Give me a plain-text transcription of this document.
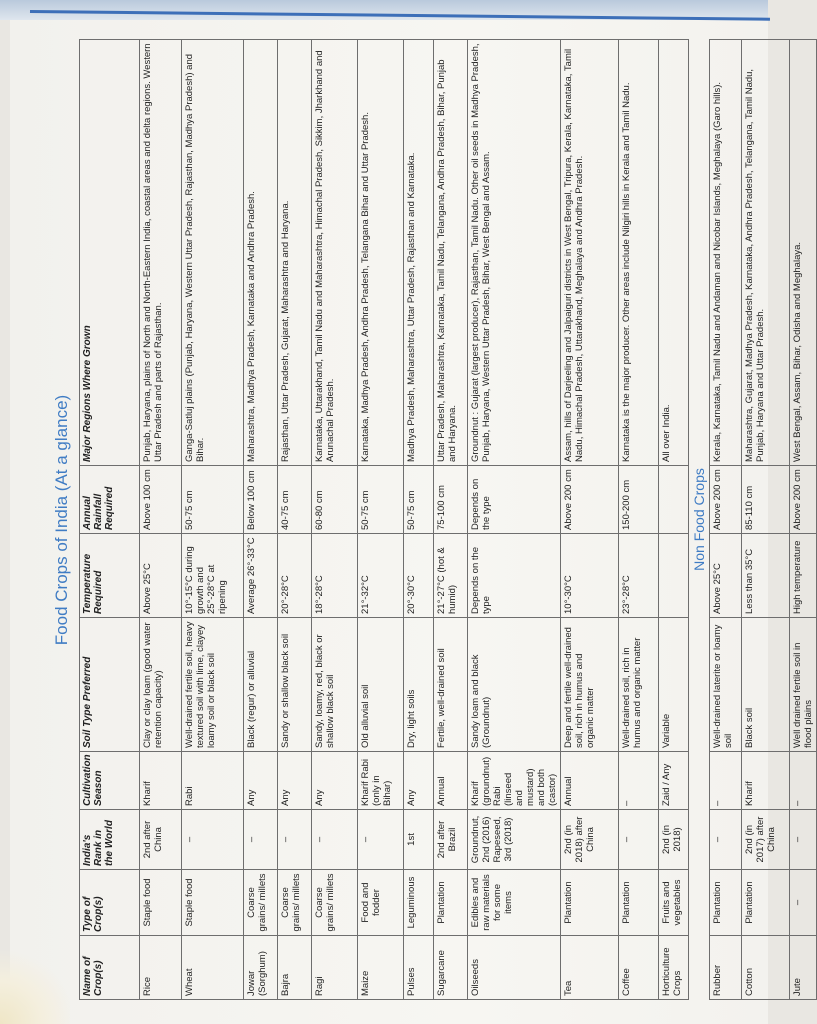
Food Crops of India (At a glance)
Name of Crop(s)	Type of Crop(s)	India's Rank in the World	Cultivation Season	Soil Type Preferred	Temperature Required	Annual Rainfall Required	Major Regions Where Grown
Rice	Staple food	2nd after China	Kharif	Clay or clay loam (good water retention capacity)	Above 25°C	Above 100 cm	Punjab, Haryana, plains of North and North-Eastern India, coastal areas and delta regions. Western Uttar Pradesh and parts of Rajasthan.
Wheat	Staple food	–	Rabi	Well-drained fertile soil, heavy textured soil with lime, clayey loamy soil or black soil	10°-15°C during growth and 25°-28°C at ripening	50-75 cm	Ganga-Satluj plains (Punjab, Haryana, Western Uttar Pradesh, Rajasthan, Madhya Pradesh) and Bihar.
Jowar (Sorghum)	Coarse grains/ millets	–	Any	Black (regur) or alluvial	Average 26°-33°C	Below 100 cm	Maharashtra, Madhya Pradesh, Karnataka and Andhra Pradesh.
Bajra	Coarse grains/ millets	–	Any	Sandy or shallow black soil	20°-28°C	40-75 cm	Rajasthan, Uttar Pradesh, Gujarat, Maharashtra and Haryana.
Ragi	Coarse grains/ millets	–	Any	Sandy, loamy, red, black or shallow black soil	18°-28°C	60-80 cm	Karnataka, Uttarakhand, Tamil Nadu and Maharashtra, Himachal Pradesh, Sikkim, Jharkhand and Arunachal Pradesh.
Maize	Food and fodder	–	Kharif Rabi (only in Bihar)	Old alluvial soil	21°-32°C	50-75 cm	Karnataka, Madhya Pradesh, Andhra Pradesh, Telangana Bihar and Uttar Pradesh.
Pulses	Leguminous	1st	Any	Dry, light soils	20°-30°C	50-75 cm	Madhya Pradesh, Maharashtra, Uttar Pradesh, Rajasthan and Karnataka.
Sugarcane	Plantation	2nd after Brazil	Annual	Fertile, well-drained soil	21°-27°C (hot & humid)	75-100 cm	Uttar Pradesh, Maharashtra, Karnataka, Tamil Nadu, Telangana, Andhra Pradesh, Bihar, Punjab and Haryana.
Oilseeds	Edibles and raw materials for some items	Groundnut, 2nd (2016) Rapeseed, 3rd (2018)	Kharif (groundnut) Rabi (linseed and mustard) and both (castor)	Sandy loam and black (Groundnut)	Depends on the type	Depends on the type	Groundnut : Gujarat (largest producer), Rajasthan, Tamil Nadu. Other oil seeds in Madhya Pradesh, Punjab, Haryana, Western Uttar Pradesh, Bihar, West Bengal and Assam.
Tea	Plantation	2nd (in 2018) after China	Annual	Deep and fertile well-drained soil, rich in humus and organic matter	10°-30°C	Above 200 cm	Assam, hills of Darjeeling and Jalpaiguri districts in West Bengal, Tripura, Kerala, Karnataka, Tamil Nadu, Himachal Pradesh, Uttarakhand, Meghalaya and Andhra Pradesh.
Coffee	Plantation	–	–	Well-drained soil, rich in humus and organic matter	23°-28°C	150-200 cm	Karnataka is the major producer. Other areas include Nilgiri hills in Kerala and Tamil Nadu.
Horticulture Crops	Fruits and vegetables	2nd (in 2018)	Zaid / Any	Variable			All over India.
Non Food Crops							
Rubber	Plantation	–	–	Well-drained laterite or loamy soil	Above 25°C	Above 200 cm	Kerala, Karnataka, Tamil Nadu and Andaman and Nicobar Islands, Meghalaya (Garo hills).
Cotton	Plantation	2nd (in 2017) after China	Kharif	Black soil	Less than 35°C	85-110 cm	Maharashtra, Gujarat, Madhya Pradesh, Karnataka, Andhra Pradesh, Telangana, Tamil Nadu, Punjab, Haryana and Uttar Pradesh.
Jute	–	–	–	Well drained fertile soil in flood plains	High temperature	Above 200 cm	West Bengal, Assam, Bihar, Odisha and Meghalaya.
